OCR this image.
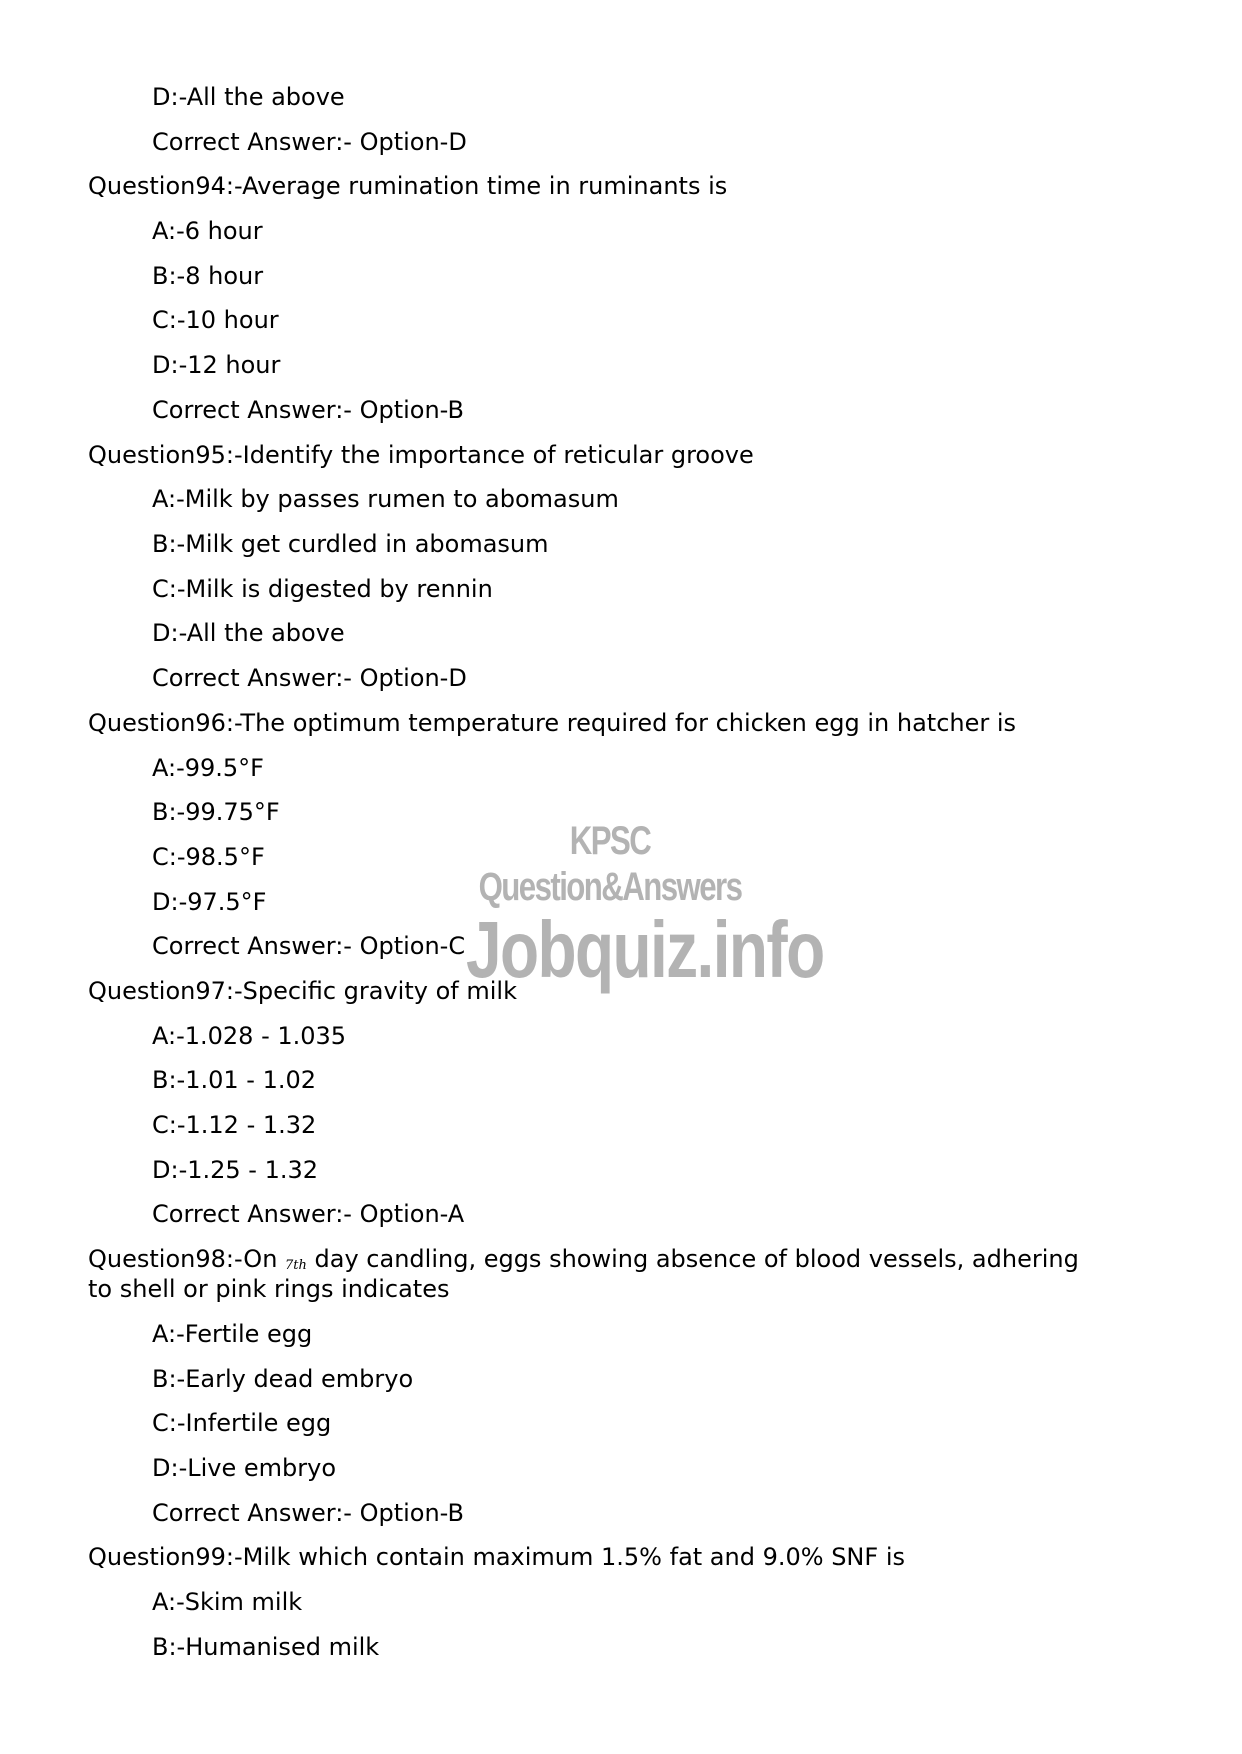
D:-All the above
Correct Answer:- Option-D
Question94:-Average rumination time in ruminants is
A:-6 hour
B:-8 hour
C:-10 hour
D:-12 hour
Correct Answer:- Option-B
Question95:-Identify the importance of reticular groove
A:-Milk by passes rumen to abomasum
B:-Milk get curdled in abomasum
C:-Milk is digested by rennin
D:-All the above
Correct Answer:- Option-D
Question96:-The optimum temperature required for chicken egg in hatcher is
A:-99.5°F
B:-99.75°F
C:-98.5°F
D:-97.5°F
Correct Answer:- Option-C
Question97:-Specific gravity of milk
A:-1.028 - 1.035
B:-1.01 - 1.02
C:-1.12 - 1.32
D:-1.25 - 1.32
Correct Answer:- Option-A
Question98:-On 7th day candling, eggs showing absence of blood vessels, adhering
to shell or pink rings indicates
A:-Fertile egg
B:-Early dead embryo
C:-Infertile egg
D:-Live embryo
Correct Answer:- Option-B
Question99:-Milk which contain maximum 1.5% fat and 9.0% SNF is
A:-Skim milk
B:-Humanised milk
KPSC Question&Answers
Jobquiz.info
